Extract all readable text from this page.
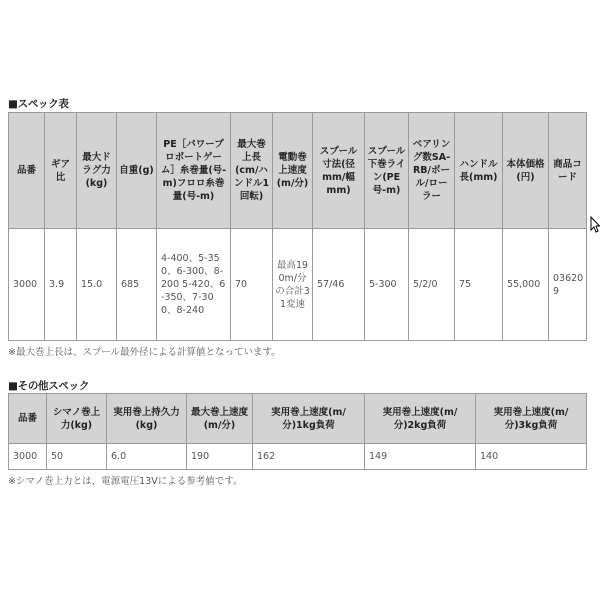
■スペック表
品番	ギア比	最大ドラグ力(kg)	自重(g)	PE［パワープロボートゲーム］糸巻量(号-m)フロロ糸巻量(号-m)	最大巻上長(cm/ハンドル1回転)	電動巻上速度(m/分)	スプール寸法(径mm/幅mm)	スプール下巻ライン(PE号-m)	ベアリング数SA-RB/ボール/ローラー	ハンドル長(mm)	本体価格(円)	商品コード
3000	3.9	15.0	685	4-400、5-350、6-300、8-200 5-420、6-350、7-300、8-240	70	最高190m/分の合計31変速	57/46	5-300	5/2/0	75	55,000	036209
※最大巻上長は、スプール最外径による計算値となっています。
■その他スペック
品番	シマノ巻上力(kg)	実用巻上持久力(kg)	最大巻上速度(m/分)	実用巻上速度(m/分)1kg負荷	実用巻上速度(m/分)2kg負荷	実用巻上速度(m/分)3kg負荷
3000	50	6.0	190	162	149	140
※シマノ巻上力とは、電源電圧13Vによる参考値です。
